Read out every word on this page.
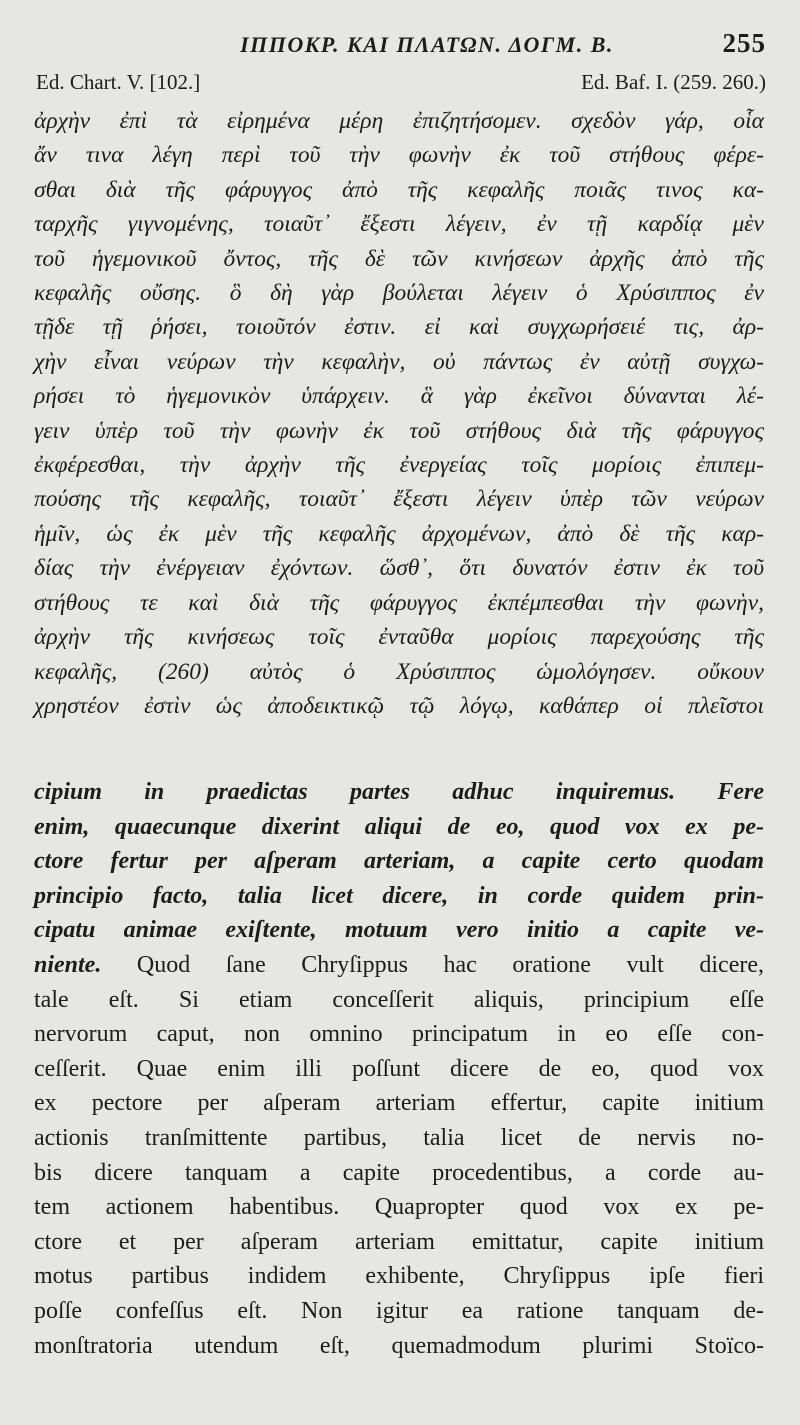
ΙΠΠΟΚΡ. ΚΑΙ ΠΛΑΤΩΝ. ΔΟΓΜ. Β.	255
Ed. Chart. V. [102.]	Ed. Baf. I. (259. 260.)
ἀρχὴν ἐπὶ τὰ εἰρημένα μέρη ἐπιζητήσομεν. σχεδὸν γάρ, οἷα
ἄν τινα λέγη περὶ τοῦ τὴν φωνὴν ἐκ τοῦ στήθους φέρε-
σθαι διὰ τῆς φάρυγγος ἀπὸ τῆς κεφαλῆς ποιᾶς τινος κα-
ταρχῆς γιγνομένης, τοιαῦτ᾽ ἔξεστι λέγειν, ἐν τῇ καρδίᾳ μὲν
τοῦ ἡγεμονικοῦ ὄντος, τῆς δὲ τῶν κινήσεων ἀρχῆς ἀπὸ τῆς
κεφαλῆς οὔσης. ὃ δὴ γὰρ βούλεται λέγειν ὁ Χρύσιππος ἐν
τῇδε τῇ ῥήσει, τοιοῦτόν ἐστιν. εἰ καὶ συγχωρήσειέ τις, ἀρ-
χὴν εἶναι νεύρων τὴν κεφαλὴν, οὐ πάντως ἐν αὐτῇ συγχω-
ρήσει τὸ ἡγεμονικὸν ὑπάρχειν. ἃ γὰρ ἐκεῖνοι δύνανται λέ-
γειν ὑπὲρ τοῦ τὴν φωνὴν ἐκ τοῦ στήθους διὰ τῆς φάρυγγος
ἐκφέρεσθαι, τὴν ἀρχὴν τῆς ἐνεργείας τοῖς μορίοις ἐπιπεμ-
πούσης τῆς κεφαλῆς, τοιαῦτ᾽ ἔξεστι λέγειν ὑπὲρ τῶν νεύρων
ἡμῖν, ὡς ἐκ μὲν τῆς κεφαλῆς ἀρχομένων, ἀπὸ δὲ τῆς καρ-
δίας τὴν ἐνέργειαν ἐχόντων. ὥσθ᾽, ὅτι δυνατόν ἐστιν ἐκ τοῦ
στήθους τε καὶ διὰ τῆς φάρυγγος ἐκπέμπεσθαι τὴν φωνὴν,
ἀρχὴν τῆς κινήσεως τοῖς ἐνταῦθα μορίοις παρεχούσης τῆς
κεφαλῆς, (260) αὐτὸς ὁ Χρύσιππος ὡμολόγησεν. οὔκουν
χρηστέον ἐστὶν ὡς ἀποδεικτικῷ τῷ λόγῳ, καθάπερ οἱ πλεῖστοι
cipium in praedictas partes adhuc inquiremus. Fere
enim, quaecunque dixerint aliqui de eo, quod vox ex pe-
ctore fertur per aſperam arteriam, a capite certo quodam
principio facto, talia licet dicere, in corde quidem prin-
cipatu animae exiſtente, motuum vero initio a capite ve-
niente. Quod ſane Chryſippus hac oratione vult dicere,
tale eſt. Si etiam conceſſerit aliquis, principium eſſe
nervorum caput, non omnino principatum in eo eſſe con-
ceſſerit. Quae enim illi poſſunt dicere de eo, quod vox
ex pectore per aſperam arteriam effertur, capite initium
actionis tranſmittente partibus, talia licet de nervis no-
bis dicere tanquam a capite procedentibus, a corde au-
tem actionem habentibus. Quapropter quod vox ex pe-
ctore et per aſperam arteriam emittatur, capite initium
motus partibus indidem exhibente, Chryſippus ipſe fieri
poſſe confeſſus eſt. Non igitur ea ratione tanquam de-
monſtratoria utendum eſt, quemadmodum plurimi Stoïco-
